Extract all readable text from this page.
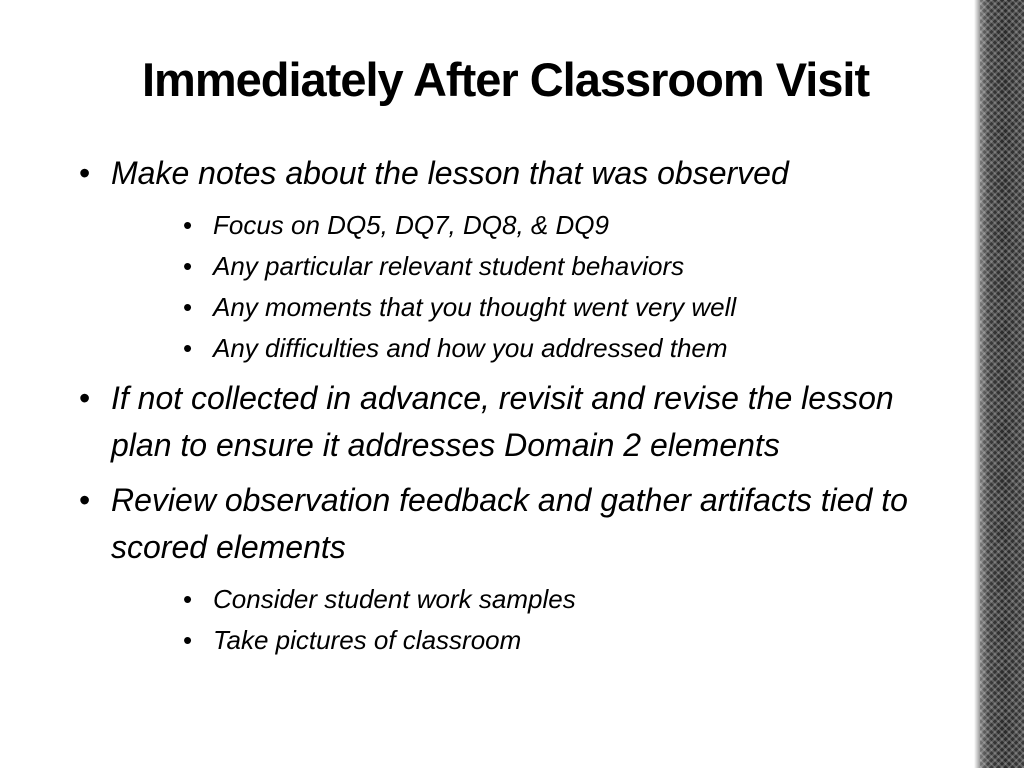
Immediately After Classroom Visit
• Make notes about the lesson that was observed
• Focus on DQ5, DQ7, DQ8, & DQ9
• Any particular relevant student behaviors
• Any moments that you thought went very well
• Any difficulties and how you addressed them
• If not collected in advance, revisit and revise the lesson plan to ensure it addresses Domain 2 elements
• Review observation feedback and gather artifacts tied to scored elements
• Consider student work samples
• Take pictures of classroom
